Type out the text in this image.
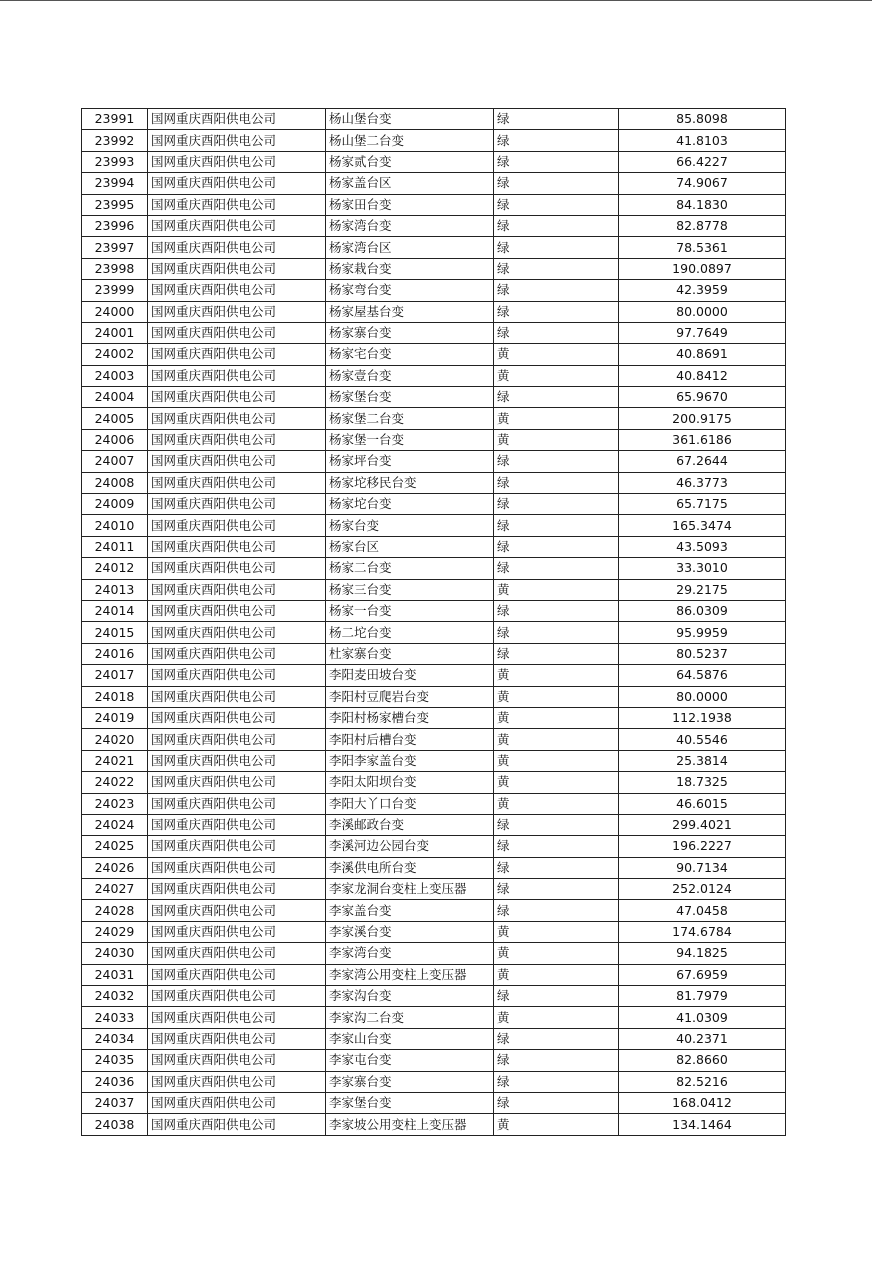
23991	国网重庆酉阳供电公司	杨山堡台变	绿	85.8098
23992	国网重庆酉阳供电公司	杨山堡二台变	绿	41.8103
23993	国网重庆酉阳供电公司	杨家贰台变	绿	66.4227
23994	国网重庆酉阳供电公司	杨家盖台区	绿	74.9067
23995	国网重庆酉阳供电公司	杨家田台变	绿	84.1830
23996	国网重庆酉阳供电公司	杨家湾台变	绿	82.8778
23997	国网重庆酉阳供电公司	杨家湾台区	绿	78.5361
23998	国网重庆酉阳供电公司	杨家栽台变	绿	190.0897
23999	国网重庆酉阳供电公司	杨家弯台变	绿	42.3959
24000	国网重庆酉阳供电公司	杨家屋基台变	绿	80.0000
24001	国网重庆酉阳供电公司	杨家寨台变	绿	97.7649
24002	国网重庆酉阳供电公司	杨家宅台变	黄	40.8691
24003	国网重庆酉阳供电公司	杨家壹台变	黄	40.8412
24004	国网重庆酉阳供电公司	杨家堡台变	绿	65.9670
24005	国网重庆酉阳供电公司	杨家堡二台变	黄	200.9175
24006	国网重庆酉阳供电公司	杨家堡一台变	黄	361.6186
24007	国网重庆酉阳供电公司	杨家坪台变	绿	67.2644
24008	国网重庆酉阳供电公司	杨家坨移民台变	绿	46.3773
24009	国网重庆酉阳供电公司	杨家坨台变	绿	65.7175
24010	国网重庆酉阳供电公司	杨家台变	绿	165.3474
24011	国网重庆酉阳供电公司	杨家台区	绿	43.5093
24012	国网重庆酉阳供电公司	杨家二台变	绿	33.3010
24013	国网重庆酉阳供电公司	杨家三台变	黄	29.2175
24014	国网重庆酉阳供电公司	杨家一台变	绿	86.0309
24015	国网重庆酉阳供电公司	杨二坨台变	绿	95.9959
24016	国网重庆酉阳供电公司	杜家寨台变	绿	80.5237
24017	国网重庆酉阳供电公司	李阳麦田坡台变	黄	64.5876
24018	国网重庆酉阳供电公司	李阳村豆爬岩台变	黄	80.0000
24019	国网重庆酉阳供电公司	李阳村杨家槽台变	黄	112.1938
24020	国网重庆酉阳供电公司	李阳村后槽台变	黄	40.5546
24021	国网重庆酉阳供电公司	李阳李家盖台变	黄	25.3814
24022	国网重庆酉阳供电公司	李阳太阳坝台变	黄	18.7325
24023	国网重庆酉阳供电公司	李阳大丫口台变	黄	46.6015
24024	国网重庆酉阳供电公司	李溪邮政台变	绿	299.4021
24025	国网重庆酉阳供电公司	李溪河边公园台变	绿	196.2227
24026	国网重庆酉阳供电公司	李溪供电所台变	绿	90.7134
24027	国网重庆酉阳供电公司	李家龙洞台变柱上变压器	绿	252.0124
24028	国网重庆酉阳供电公司	李家盖台变	绿	47.0458
24029	国网重庆酉阳供电公司	李家溪台变	黄	174.6784
24030	国网重庆酉阳供电公司	李家湾台变	黄	94.1825
24031	国网重庆酉阳供电公司	李家湾公用变柱上变压器	黄	67.6959
24032	国网重庆酉阳供电公司	李家沟台变	绿	81.7979
24033	国网重庆酉阳供电公司	李家沟二台变	黄	41.0309
24034	国网重庆酉阳供电公司	李家山台变	绿	40.2371
24035	国网重庆酉阳供电公司	李家屯台变	绿	82.8660
24036	国网重庆酉阳供电公司	李家寨台变	绿	82.5216
24037	国网重庆酉阳供电公司	李家堡台变	绿	168.0412
24038	国网重庆酉阳供电公司	李家坡公用变柱上变压器	黄	134.1464
